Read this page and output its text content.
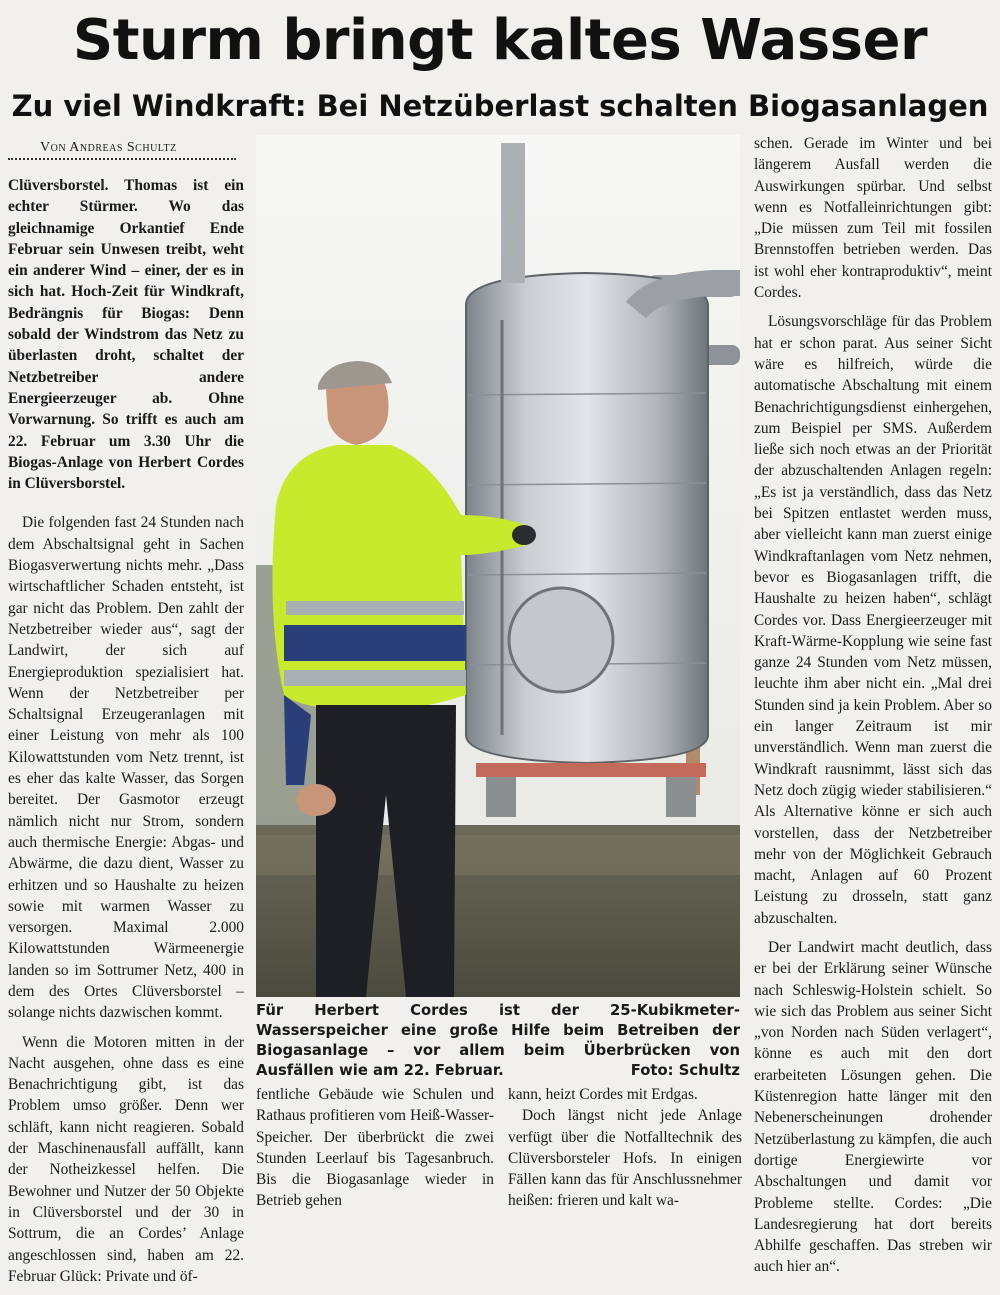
Sturm bringt kaltes Wasser
Zu viel Windkraft: Bei Netzüberlast schalten Biogasanlagen
Von Andreas Schultz

Clüversborstel. Thomas ist ein echter Stürmer. Wo das gleichnamige Orkantief Ende Februar sein Unwesen treibt, weht ein anderer Wind – einer, der es in sich hat. Hoch-Zeit für Windkraft, Bedrängnis für Biogas: Denn sobald der Windstrom das Netz zu überlasten droht, schaltet der Netzbetreiber andere Energieerzeuger ab. Ohne Vorwarnung. So trifft es auch am 22. Februar um 3.30 Uhr die Biogas-Anlage von Herbert Cordes in Clüversborstel.

Die folgenden fast 24 Stunden nach dem Abschaltsignal geht in Sachen Biogasverwertung nichts mehr. „Dass wirtschaftlicher Schaden entsteht, ist gar nicht das Problem. Den zahlt der Netzbetreiber wieder aus“, sagt der Landwirt, der sich auf Energieproduktion spezialisiert hat. Wenn der Netzbetreiber per Schaltsignal Erzeugeranlagen mit einer Leistung von mehr als 100 Kilowattstunden vom Netz trennt, ist es eher das kalte Wasser, das Sorgen bereitet. Der Gasmotor erzeugt nämlich nicht nur Strom, sondern auch thermische Energie: Abgas- und Abwärme, die dazu dient, Wasser zu erhitzen und so Haushalte zu heizen sowie mit warmen Wasser zu versorgen. Maximal 2.000 Kilowattstunden Wärmeenergie landen so im Sottrumer Netz, 400 in dem des Ortes Clüversborstel – solange nichts dazwischen kommt.

Wenn die Motoren mitten in der Nacht ausgehen, ohne dass es eine Benachrichtigung gibt, ist das Problem umso größer. Denn wer schläft, kann nicht reagieren. Sobald der Maschinenausfall auffällt, kann der Notheizkessel helfen. Die Bewohner und Nutzer der 50 Objekte in Clüversborstel und der 30 in Sottrum, die an Cordes’ Anlage angeschlossen sind, haben am 22. Februar Glück: Private und öf-

Für Herbert Cordes ist der 25-Kubikmeter-Wasserspeicher eine große Hilfe beim Betreiben der Biogasanlage – vor allem beim Überbrücken von Ausfällen wie am 22. Februar.	Foto: Schultz

fentliche Gebäude wie Schulen und Rathaus profitieren vom Heiß-Wasser-Speicher. Der überbrückt die zwei Stunden Leerlauf bis Tagesanbruch. Bis die Biogasanlage wieder in Betrieb gehen

kann, heizt Cordes mit Erdgas.

Doch längst nicht jede Anlage verfügt über die Notfalltechnik des Clüversborsteler Hofs. In einigen Fällen kann das für Anschlussnehmer heißen: frieren und kalt wa-

schen. Gerade im Winter und bei längerem Ausfall werden die Auswirkungen spürbar. Und selbst wenn es Notfalleinrichtungen gibt: „Die müssen zum Teil mit fossilen Brennstoffen betrieben werden. Das ist wohl eher kontraproduktiv“, meint Cordes.

Lösungsvorschläge für das Problem hat er schon parat. Aus seiner Sicht wäre es hilfreich, würde die automatische Abschaltung mit einem Benachrichtigungsdienst einhergehen, zum Beispiel per SMS. Außerdem ließe sich noch etwas an der Priorität der abzuschaltenden Anlagen regeln: „Es ist ja verständlich, dass das Netz bei Spitzen entlastet werden muss, aber vielleicht kann man zuerst einige Windkraftanlagen vom Netz nehmen, bevor es Biogasanlagen trifft, die Haushalte zu heizen haben“, schlägt Cordes vor. Dass Energieerzeuger mit Kraft-Wärme-Kopplung wie seine fast ganze 24 Stunden vom Netz müssen, leuchte ihm aber nicht ein. „Mal drei Stunden sind ja kein Problem. Aber so ein langer Zeitraum ist mir unverständlich. Wenn man zuerst die Windkraft rausnimmt, lässt sich das Netz doch zügig wieder stabilisieren.“ Als Alternative könne er sich auch vorstellen, dass der Netzbetreiber mehr von der Möglichkeit Gebrauch macht, Anlagen auf 60 Prozent Leistung zu drosseln, statt ganz abzuschalten.

Der Landwirt macht deutlich, dass er bei der Erklärung seiner Wünsche nach Schleswig-Holstein schielt. So wie sich das Problem aus seiner Sicht „von Norden nach Süden verlagert“, könne es auch mit den dort erarbeiteten Lösungen gehen. Die Küstenregion hatte länger mit den Nebenerscheinungen drohender Netzüberlastung zu kämpfen, die auch dortige Energiewirte vor Abschaltungen und damit vor Probleme stellte. Cordes: „Die Landesregierung hat dort bereits Abhilfe geschaffen. Das streben wir auch hier an“.
